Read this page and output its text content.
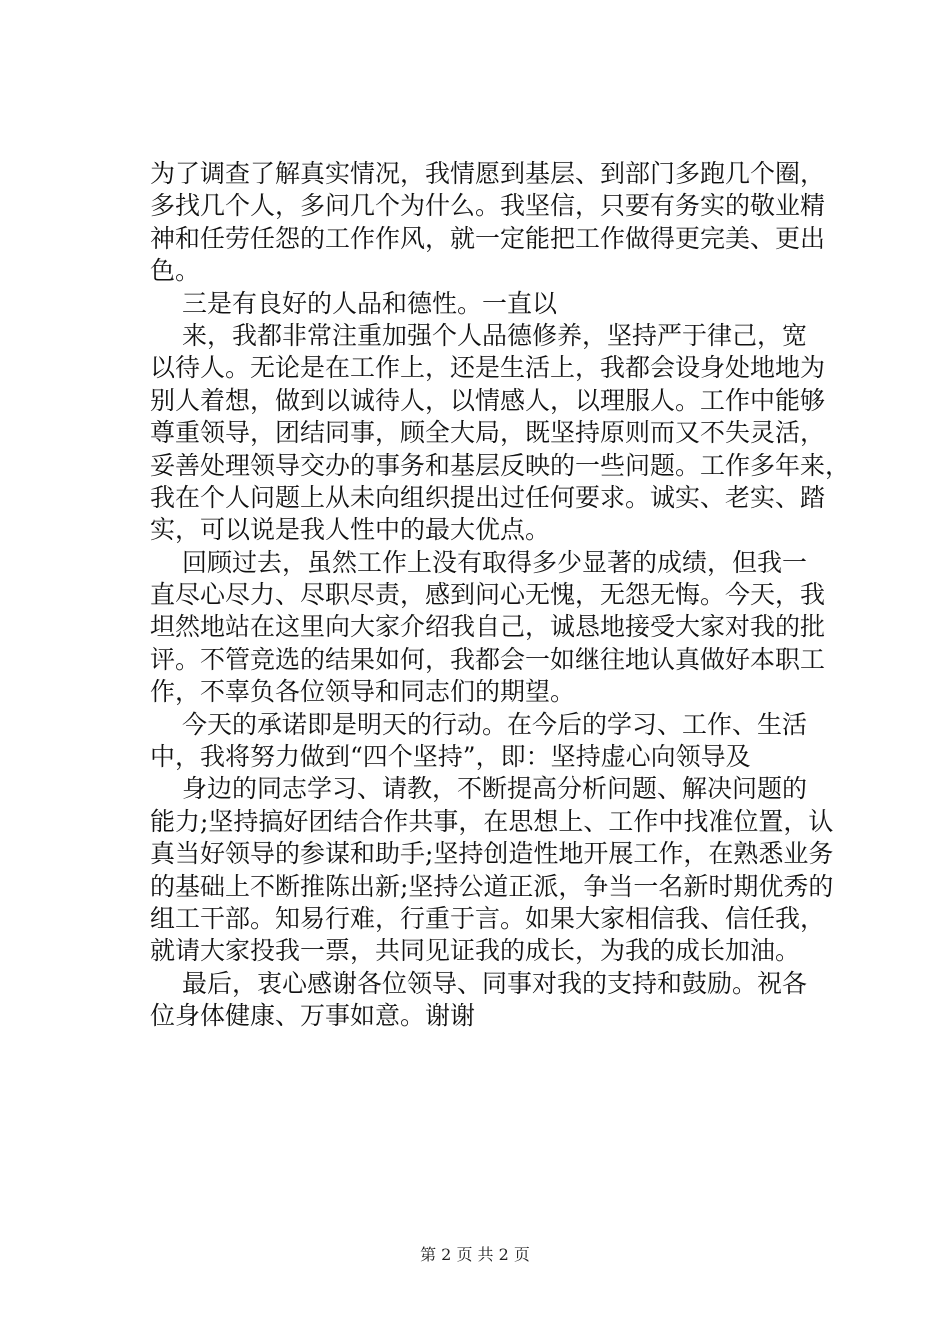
为了调查了解真实情况，我情愿到基层、到部门多跑几个圈，
多找几个人，多问几个为什么。我坚信，只要有务实的敬业精
神和任劳任怨的工作作风，就一定能把工作做得更完美、更出
色。
三是有良好的人品和德性。一直以
来，我都非常注重加强个人品德修养，坚持严于律己，宽
以待人。无论是在工作上，还是生活上，我都会设身处地地为
别人着想，做到以诚待人，以情感人，以理服人。工作中能够
尊重领导，团结同事，顾全大局，既坚持原则而又不失灵活，
妥善处理领导交办的事务和基层反映的一些问题。工作多年来，
我在个人问题上从未向组织提出过任何要求。诚实、老实、踏
实，可以说是我人性中的最大优点。
回顾过去，虽然工作上没有取得多少显著的成绩，但我一
直尽心尽力、尽职尽责，感到问心无愧，无怨无悔。今天，我
坦然地站在这里向大家介绍我自己，诚恳地接受大家对我的批
评。不管竞选的结果如何，我都会一如继往地认真做好本职工
作，不辜负各位领导和同志们的期望。
今天的承诺即是明天的行动。在今后的学习、工作、生活
中，我将努力做到“四个坚持”，即：坚持虚心向领导及
身边的同志学习、请教，不断提高分析问题、解决问题的
能力;坚持搞好团结合作共事，在思想上、工作中找准位置，认
真当好领导的参谋和助手;坚持创造性地开展工作，在熟悉业务
的基础上不断推陈出新;坚持公道正派，争当一名新时期优秀的
组工干部。知易行难，行重于言。如果大家相信我、信任我，
就请大家投我一票，共同见证我的成长，为我的成长加油。
最后，衷心感谢各位领导、同事对我的支持和鼓励。祝各
位身体健康、万事如意。谢谢
第 2 页 共 2 页
